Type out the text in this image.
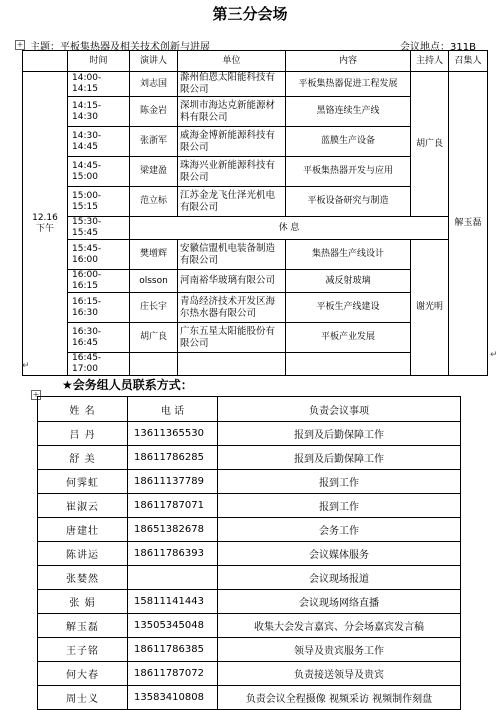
第三分会场
+ 主题：平板集热器及相关技术创新与进展	会议地点：311B
	时间	演讲人	单位	内容	主持人	召集人

12.16
下午	14:00-14:15	刘志国	滁州伯恩太阳能科技有限公司	平板集热器促进工程发展	胡广良	解玉磊
	14:15-14:30	陈金岩	深圳市海达克新能源材料有限公司	黑铬连续生产线		
	14:30-14:45	张浙军	威海金博新能源科技有限公司	蓝膜生产设备		
	14:45-15:00	梁建盈	珠海兴业新能源科技有限公司	平板集热器开发与应用		
	15:00-15:15	范立标	江苏金龙飞仕泽光机电有限公司	平板设备研究与制造		
	15:30-15:45	休 息				
	15:45-16:00	樊增辉	安徽信盟机电装备制造有限公司	集热器生产线设计	谢光明	
	16:00-16:15	olsson	河南裕华玻璃有限公司	减反射玻璃		
	16:15-16:30	庄长宇	青岛经济技术开发区海尔热水器有限公司	平板生产线建设		
	16:30-16:45	胡广良	广东五星太阳能股份有限公司	平板产业发展		
	16:45-17:00					
↵
↵
★会务组人员联系方式：
+
姓 名	电 话	负责会议事项
吕 丹	13611365530	报到及后勤保障工作
舒 美	18611786285	报到及后勤保障工作
何霁虹	18611137789	报到工作
崔淑云	18611787071	报到工作
唐建壮	18651382678	会务工作
陈讲运	18611786393	会议媒体服务
张婪然		会议现场报道
张 娟	15811141443	会议现场网络直播
解玉磊	13505345048	收集大会发言嘉宾、分会场嘉宾发言稿
王子铭	18611786385	领导及贵宾服务工作
何大春	18611787072	负责接送领导及贵宾
周士义	13583410808	负责会议全程摄像 视频采访 视频制作刻盘
